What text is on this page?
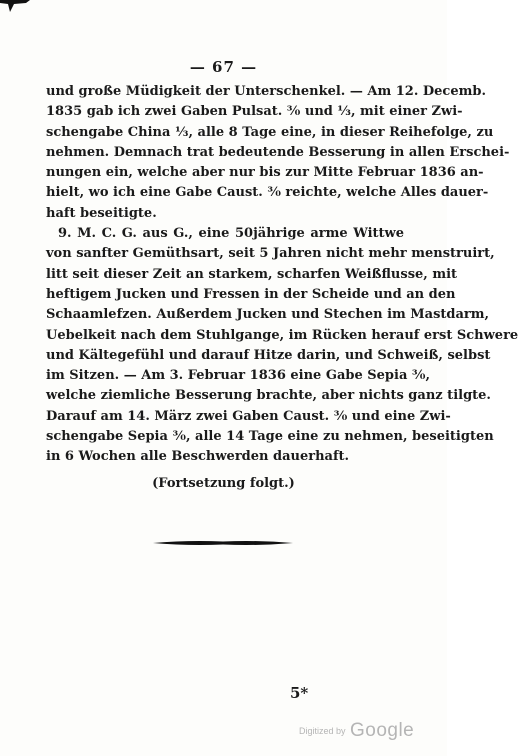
— 67 —

und große Müdigkeit der Unterschenkel. — Am 12. Decemb.
1835 gab ich zwei Gaben Pulsat. ³⁄₀ und ¹⁄₃, mit einer Zwi-
schengabe China ¹⁄₃, alle 8 Tage eine, in dieser Reihefolge, zu
nehmen. Demnach trat bedeutende Besserung in allen Erschei-
nungen ein, welche aber nur bis zur Mitte Februar 1836 an-
hielt, wo ich eine Gabe Caust. ³⁄₀ reichte, welche Alles dauer-
haft beseitigte.

9. M. C. G. aus G., eine 50jährige arme Wittwe
von sanfter Gemüthsart, seit 5 Jahren nicht mehr menstruirt,
litt seit dieser Zeit an starkem, scharfen Weißflusse, mit
heftigem Jucken und Fressen in der Scheide und an den
Schaamlefzen. Außerdem Jucken und Stechen im Mastdarm,
Uebelkeit nach dem Stuhlgange, im Rücken herauf erst Schwere
und Kältegefühl und darauf Hitze darin, und Schweiß, selbst
im Sitzen. — Am 3. Februar 1836 eine Gabe Sepia ³⁄₀,
welche ziemliche Besserung brachte, aber nichts ganz tilgte.
Darauf am 14. März zwei Gaben Caust. ³⁄₀ und eine Zwi-
schengabe Sepia ³⁄₀, alle 14 Tage eine zu nehmen, beseitigten
in 6 Wochen alle Beschwerden dauerhaft.

(Fortsetzung folgt.)
5*
Digitized by Google
